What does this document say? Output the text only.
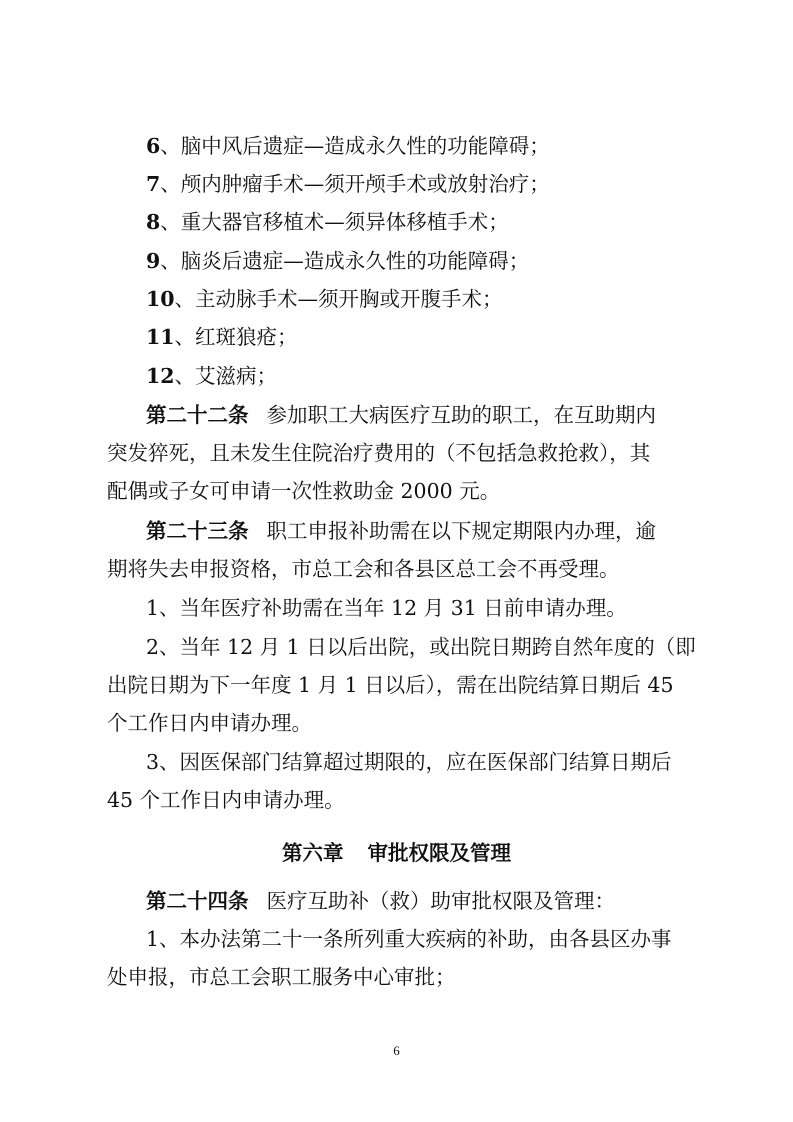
6、脑中风后遗症—造成永久性的功能障碍；
7、颅内肿瘤手术—须开颅手术或放射治疗；
8、重大器官移植术—须异体移植手术；
9、脑炎后遗症—造成永久性的功能障碍；
10、主动脉手术—须开胸或开腹手术；
11、红斑狼疮；
12、艾滋病；
第二十二条 参加职工大病医疗互助的职工，在互助期内
突发猝死，且未发生住院治疗费用的（不包括急救抢救），其
配偶或子女可申请一次性救助金 2000 元。
第二十三条 职工申报补助需在以下规定期限内办理，逾
期将失去申报资格，市总工会和各县区总工会不再受理。
1、当年医疗补助需在当年 12 月 31 日前申请办理。
2、当年 12 月 1 日以后出院，或出院日期跨自然年度的（即
出院日期为下一年度 1 月 1 日以后），需在出院结算日期后 45
个工作日内申请办理。
3、因医保部门结算超过期限的，应在医保部门结算日期后
45 个工作日内申请办理。
第六章 审批权限及管理
第二十四条 医疗互助补（救）助审批权限及管理：
1、本办法第二十一条所列重大疾病的补助，由各县区办事
处申报，市总工会职工服务中心审批；
6
